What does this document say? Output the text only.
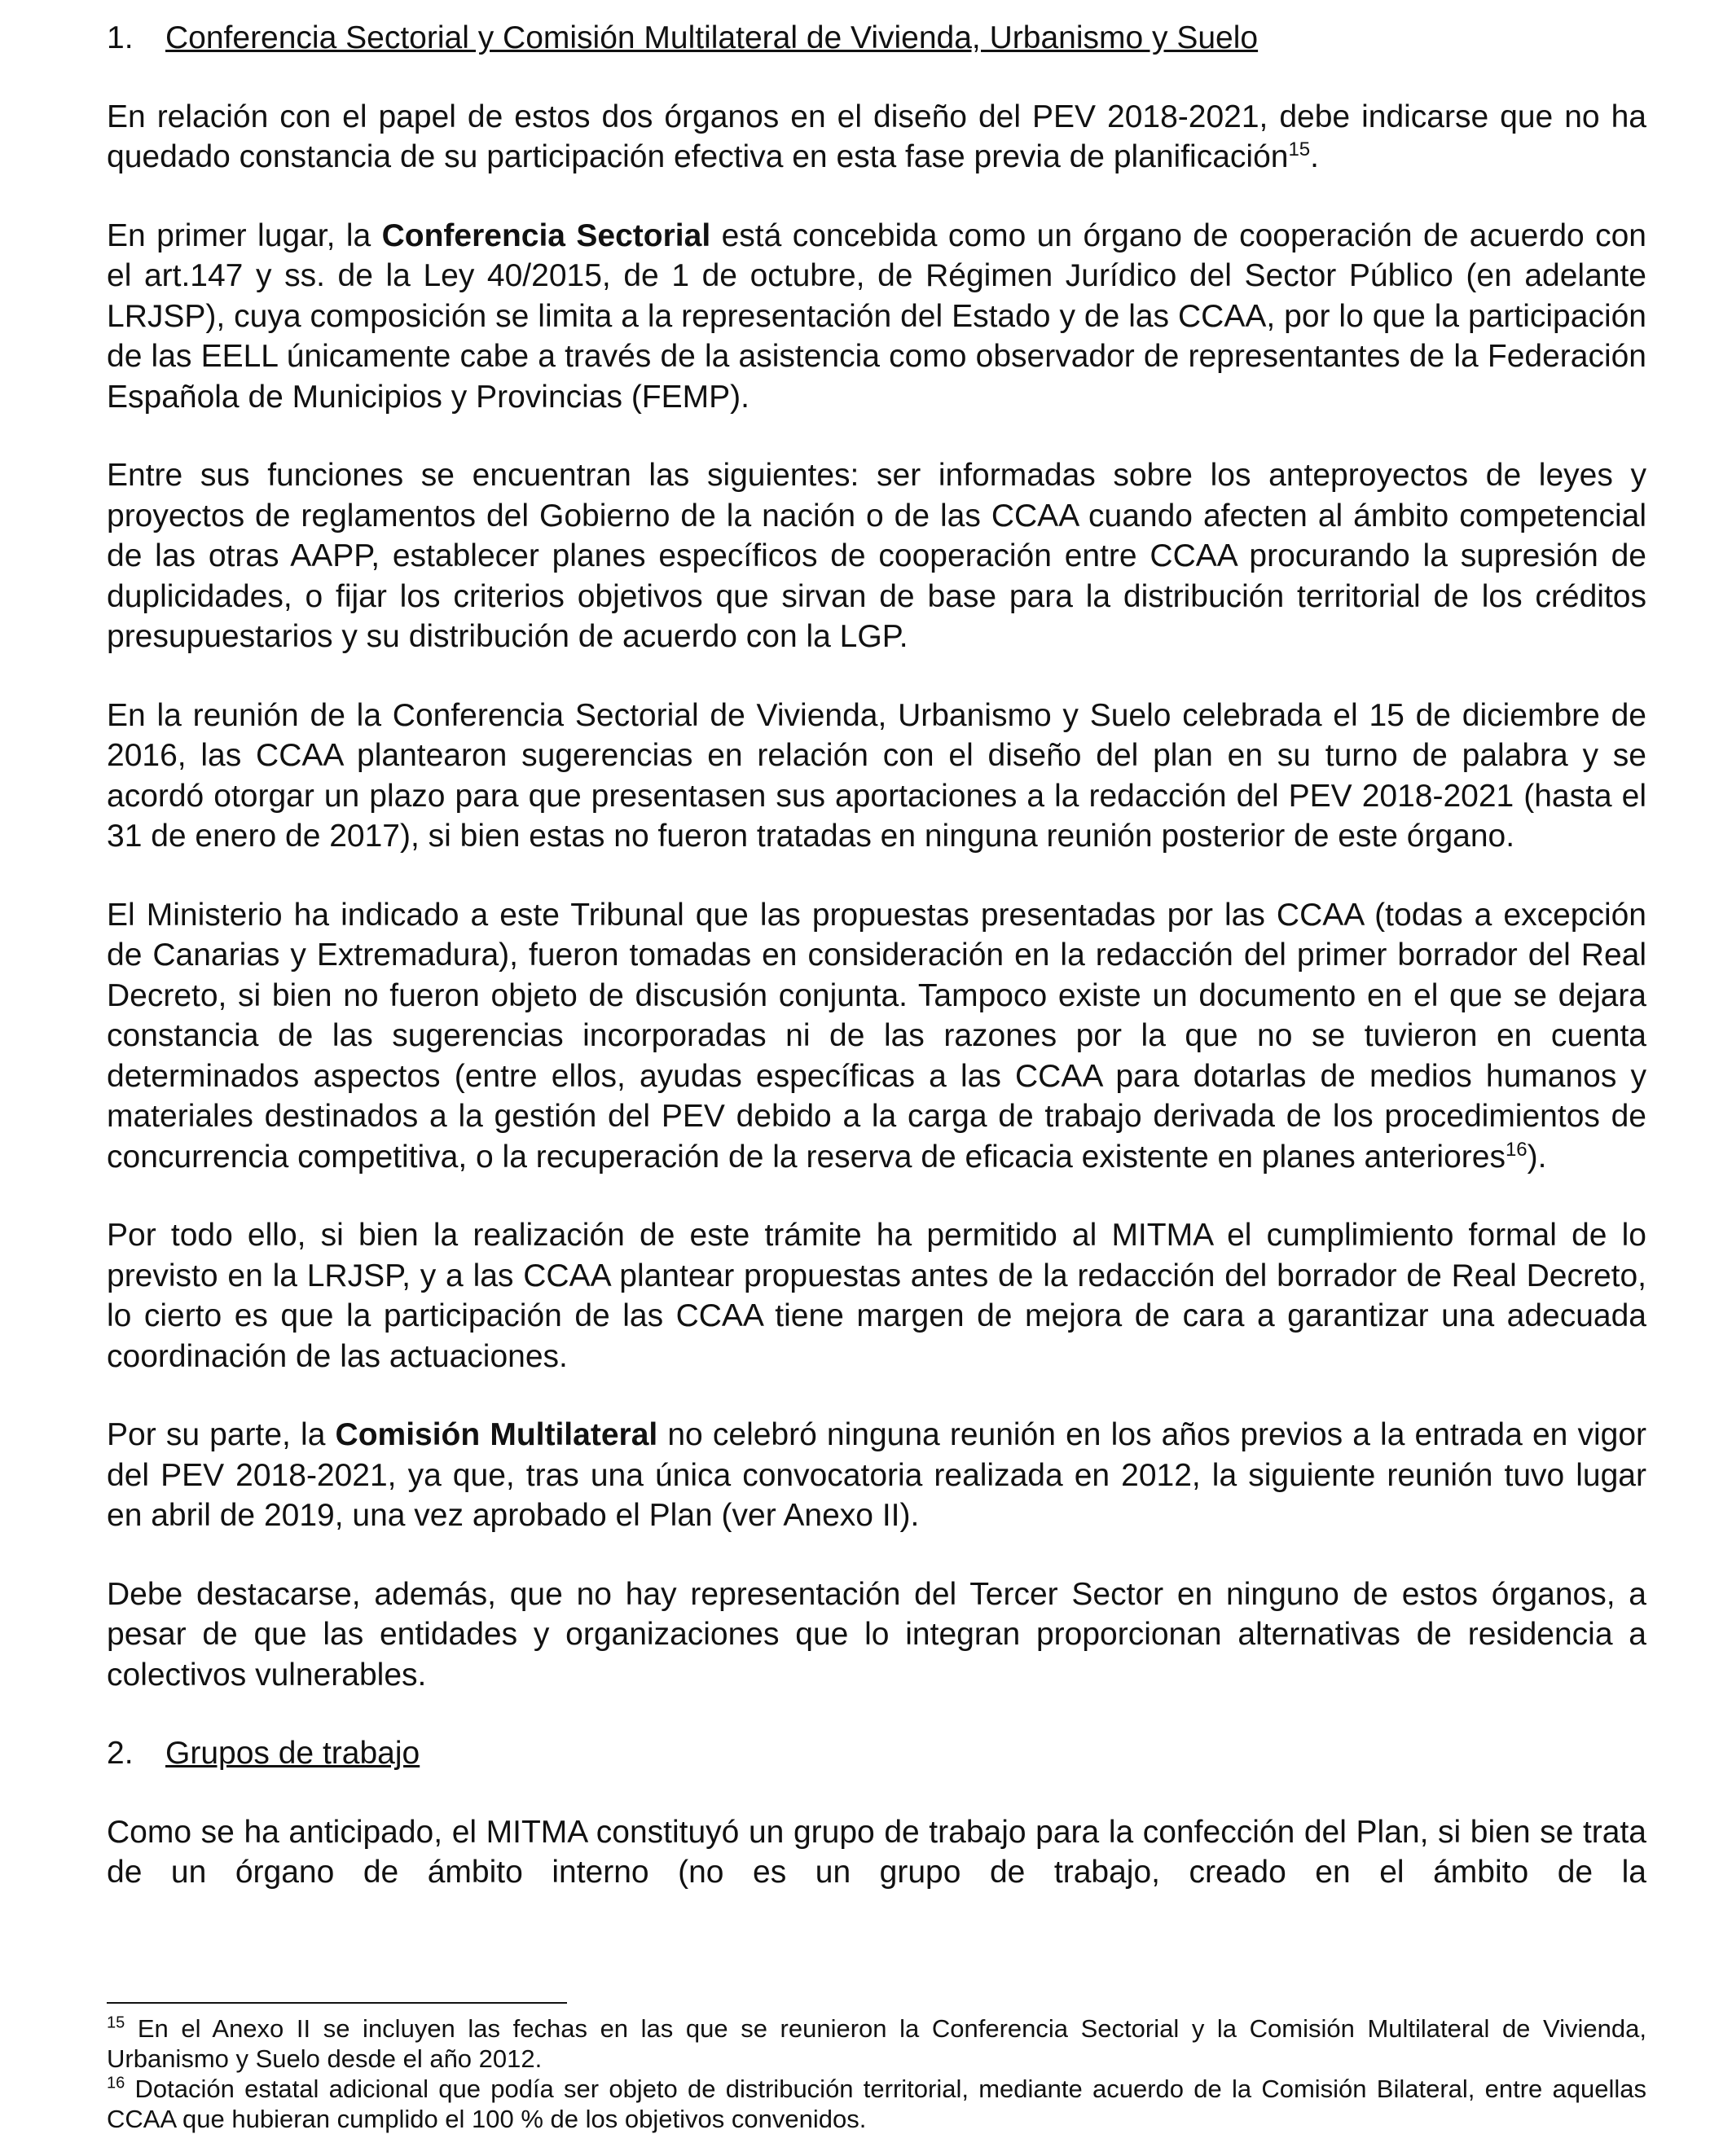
1.	Conferencia Sectorial y Comisión Multilateral de Vivienda, Urbanismo y Suelo

En relación con el papel de estos dos órganos en el diseño del PEV 2018-2021, debe indicarse que no ha quedado constancia de su participación efectiva en esta fase previa de planificación$^{15}$.

En primer lugar, la Conferencia Sectorial está concebida como un órgano de cooperación de acuerdo con el art.147 y ss. de la Ley 40/2015, de 1 de octubre, de Régimen Jurídico del Sector Público (en adelante LRJSP), cuya composición se limita a la representación del Estado y de las CCAA, por lo que la participación de las EELL únicamente cabe a través de la asistencia como observador de representantes de la Federación Española de Municipios y Provincias (FEMP).

Entre sus funciones se encuentran las siguientes: ser informadas sobre los anteproyectos de leyes y proyectos de reglamentos del Gobierno de la nación o de las CCAA cuando afecten al ámbito competencial de las otras AAPP, establecer planes específicos de cooperación entre CCAA procurando la supresión de duplicidades, o fijar los criterios objetivos que sirvan de base para la distribución territorial de los créditos presupuestarios y su distribución de acuerdo con la LGP.

En la reunión de la Conferencia Sectorial de Vivienda, Urbanismo y Suelo celebrada el 15 de diciembre de 2016, las CCAA plantearon sugerencias en relación con el diseño del plan en su turno de palabra y se acordó otorgar un plazo para que presentasen sus aportaciones a la redacción del PEV 2018-2021 (hasta el 31 de enero de 2017), si bien estas no fueron tratadas en ninguna reunión posterior de este órgano.

El Ministerio ha indicado a este Tribunal que las propuestas presentadas por las CCAA (todas a excepción de Canarias y Extremadura), fueron tomadas en consideración en la redacción del primer borrador del Real Decreto, si bien no fueron objeto de discusión conjunta. Tampoco existe un documento en el que se dejara constancia de las sugerencias incorporadas ni de las razones por la que no se tuvieron en cuenta determinados aspectos (entre ellos, ayudas específicas a las CCAA para dotarlas de medios humanos y materiales destinados a la gestión del PEV debido a la carga de trabajo derivada de los procedimientos de concurrencia competitiva, o la recuperación de la reserva de eficacia existente en planes anteriores$^{16}$).

Por todo ello, si bien la realización de este trámite ha permitido al MITMA el cumplimiento formal de lo previsto en la LRJSP, y a las CCAA plantear propuestas antes de la redacción del borrador de Real Decreto, lo cierto es que la participación de las CCAA tiene margen de mejora de cara a garantizar una adecuada coordinación de las actuaciones.

Por su parte, la Comisión Multilateral no celebró ninguna reunión en los años previos a la entrada en vigor del PEV 2018-2021, ya que, tras una única convocatoria realizada en 2012, la siguiente reunión tuvo lugar en abril de 2019, una vez aprobado el Plan (ver Anexo II).

Debe destacarse, además, que no hay representación del Tercer Sector en ninguno de estos órganos, a pesar de que las entidades y organizaciones que lo integran proporcionan alternativas de residencia a colectivos vulnerables.

2.	Grupos de trabajo

Como se ha anticipado, el MITMA constituyó un grupo de trabajo para la confección del Plan, si bien se trata de un órgano de ámbito interno (no es un grupo de trabajo, creado en el ámbito de la

$^{15}$ En el Anexo II se incluyen las fechas en las que se reunieron la Conferencia Sectorial y la Comisión Multilateral de Vivienda, Urbanismo y Suelo desde el año 2012.

$^{16}$ Dotación estatal adicional que podía ser objeto de distribución territorial, mediante acuerdo de la Comisión Bilateral, entre aquellas CCAA que hubieran cumplido el 100 % de los objetivos convenidos.
